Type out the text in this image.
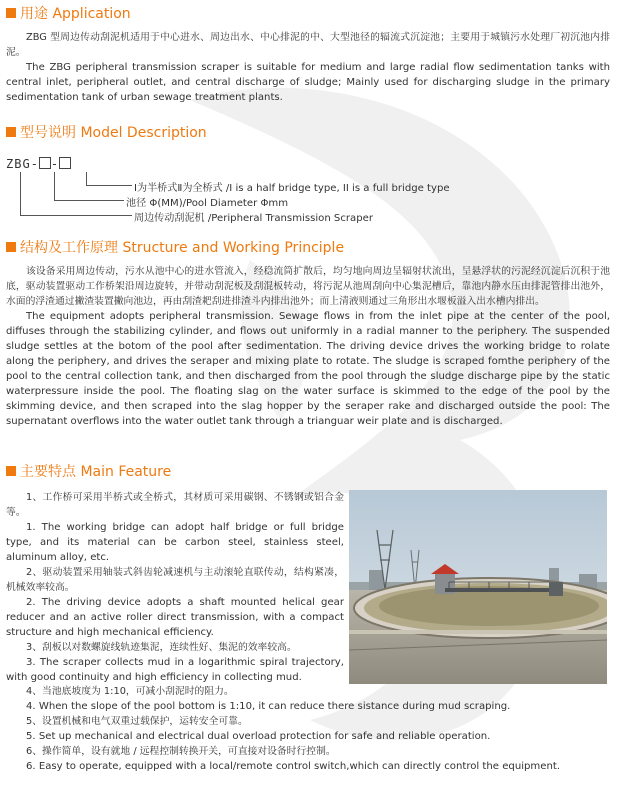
用途 Application

ZBG 型周边传动刮泥机适用于中心进水、周边出水、中心排泥的中、大型池径的辐流式沉淀池；主要用于城镇污水处理厂初沉池内排泥。

The ZBG peripheral transmission scraper is suitable for medium and large radial flow sedimentation tanks with central inlet, peripheral outlet, and central discharge of sludge; Mainly used for discharging sludge in the primary sedimentation tank of urban sewage treatment plants.

型号说明 Model Description
ZBG- -
Ⅰ为半桥式Ⅱ为全桥式 /I is a half bridge type, II is a full bridge type
池径 Φ(MM)/Pool Diameter Φmm
周边传动刮泥机 /Peripheral Transmission Scraper
结构及工作原理 Structure and Working Principle

该设备采用周边传动，污水从池中心的进水管流入，经稳流筒扩散后，均匀地向周边呈辐射状流出，呈悬浮状的污泥经沉淀后沉积于池底，驱动装置驱动工作桥架沿周边旋转，并带动刮泥板及刮混板转动，将污泥从池周刮向中心集泥槽后，靠池内静水压由排泥管排出池外，水面的浮渣通过撇渣装置撇向池边，再由刮渣耙刮进排渣斗内排出池外；而上清液则通过三角形出水堰板溢入出水槽内排出。

The equipment adopts peripheral transmission. Sewage flows in from the inlet pipe at the center of the pool, diffuses through the stabilizing cylinder, and flows out uniformly in a radial manner to the periphery. The suspended sludge settles at the botom of the pool after sedimentation. The driving device drives the working bridge to rolate along the periphery, and drives the seraper and mixing plate to rotate. The sludge is scraped fomthe periphery of the pool to the central collection tank, and then discharged from the pool through the sludge discharge pipe by the static waterpressure inside the pool. The floating slag on the water surface is skimmed to the edge of the pool by the skimming device, and then scraped into the slag hopper by the seraper rake and discharged outside the pool: The supernatant overflows into the water outlet tank through a trianguar weir plate and is discharged.

主要特点 Main Feature

1、工作桥可采用半桥式或全桥式，其材质可采用碳钢、不锈钢或铝合金等。

1. The working bridge can adopt half bridge or full bridge type, and its material can be carbon steel, stainless steel, aluminum alloy, etc.

2、驱动装置采用轴装式斜齿轮减速机与主动滚轮直联传动，结构紧凑，机械效率较高。

2. The driving device adopts a shaft mounted helical gear reducer and an active roller direct transmission, with a compact structure and high mechanical efficiency.

3、刮板以对数螺旋线轨迹集泥，连续性好、集泥的效率较高。

3. The scraper collects mud in a logarithmic spiral trajectory, with good continuity and high efficiency in collecting mud.

4、当池底坡度为 1:10，可减小刮泥时的阻力。

4. When the slope of the pool bottom is 1:10, it can reduce there sistance during mud scraping.

5、设置机械和电气双重过载保护，运转安全可靠。

5. Set up mechanical and electrical dual overload protection for safe and reliable operation.

6、操作简单，设有就地 / 远程控制转换开关，可直接对设备时行控制。

6. Easy to operate, equipped with a local/remote control switch,which can directly control the equipment.
